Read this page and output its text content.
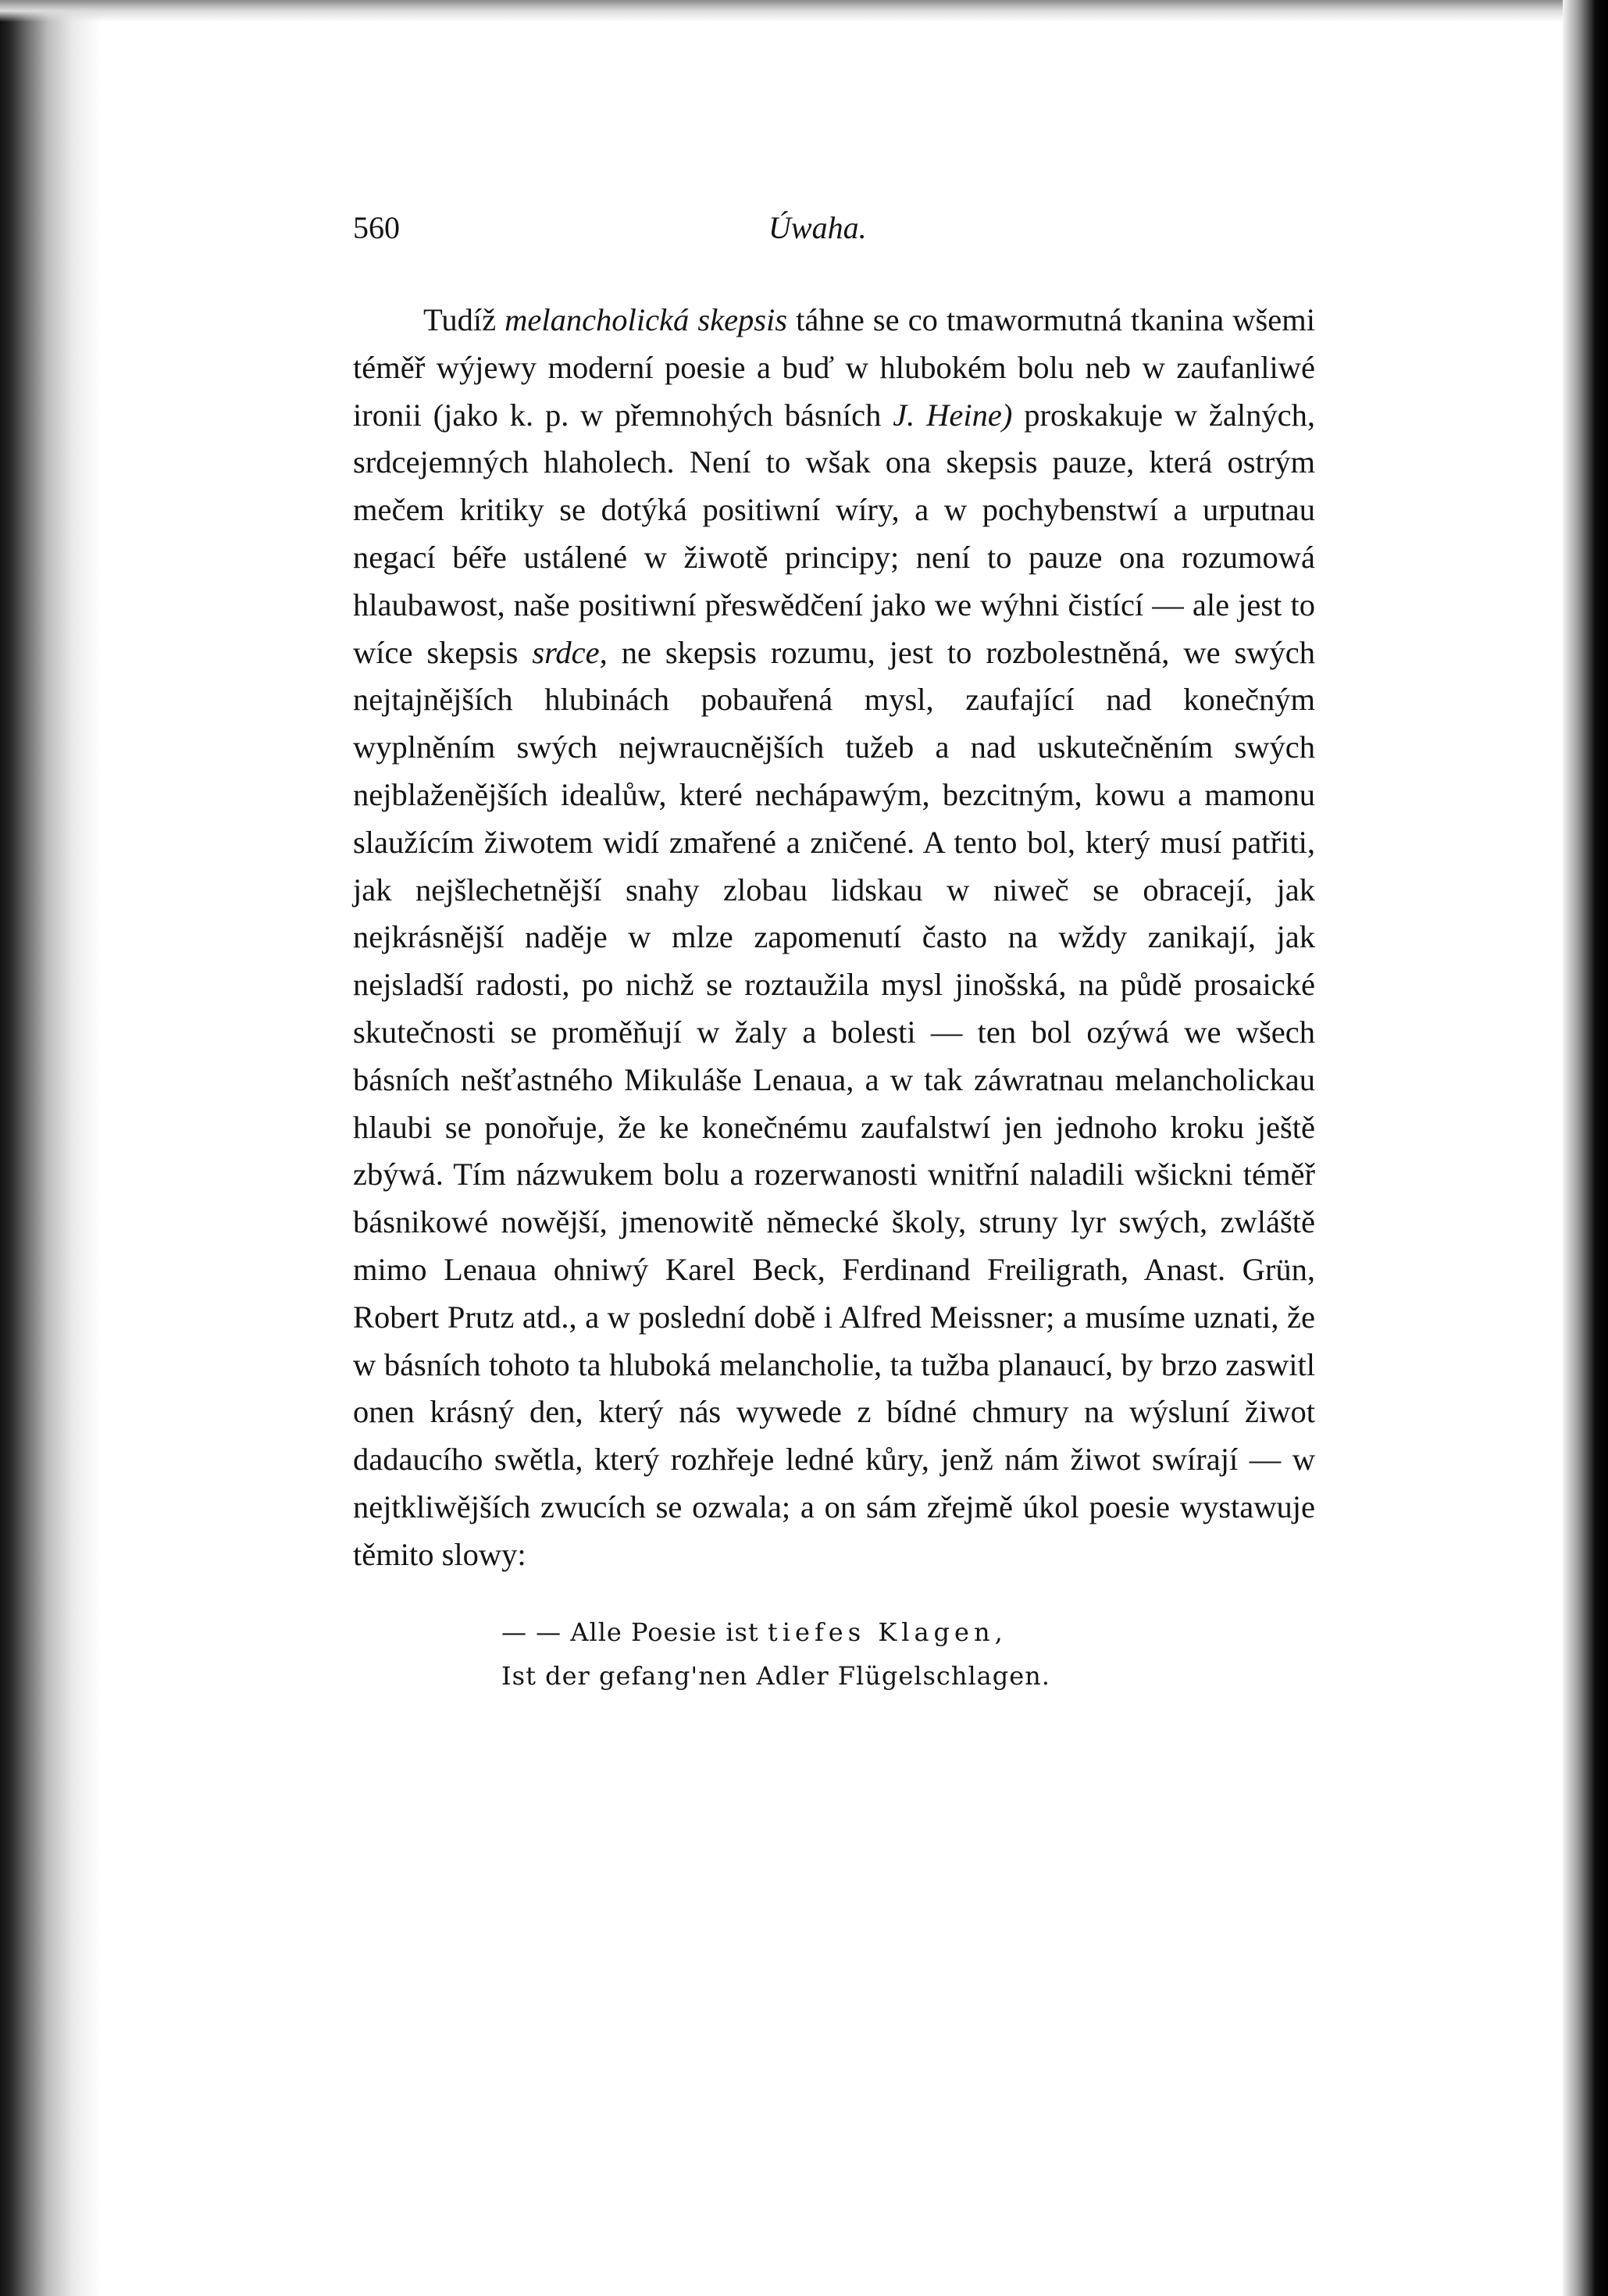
560	Úwaha.

Tudíž melancholická skepsis táhne se co tmawormutná tkanina wšemi téměř wýjewy moderní poesie a buď w hlubokém bolu neb w zaufanliwé ironii (jako k. p. w přemnohých básních J. Heine) proskakuje w žalných, srdcejemných hlaholech. Není to wšak ona skepsis pauze, která ostrým mečem kritiky se dotýká positiwní wíry, a w pochybenstwí a urputnau negací béře ustálené w žiwotě principy; není to pauze ona rozumowá hlaubawost, naše positiwní přeswědčení jako we wýhni čistící — ale jest to wíce skepsis srdce, ne skepsis rozumu, jest to rozbolestněná, we swých nejtajnějších hlubinách pobauřená mysl, zaufající nad konečným wyplněním swých nejwraucnějších tužeb a nad uskutečněním swých nejblaženějších idealůw, které nechápawým, bezcitným, kowu a mamonu slaužícím žiwotem widí zmařené a zničené. A tento bol, který musí patřiti, jak nejšlechetnější snahy zlobau lidskau w niweč se obracejí, jak nejkrásnější naděje w mlze zapomenutí často na wždy zanikají, jak nejsladší radosti, po nichž se roztaužila mysl jinošská, na půdě prosaické skutečnosti se proměňují w žaly a bolesti — ten bol ozýwá we wšech básních nešťastného Mikuláše Lenaua, a w tak záwratnau melancholickau hlaubi se ponořuje, že ke konečnému zaufalstwí jen jednoho kroku ještě zbýwá. Tím názwukem bolu a rozerwanosti wnitřní naladili wšickni téměř básnikowé nowější, jmenowitě německé školy, struny lyr swých, zwláště mimo Lenaua ohniwý Karel Beck, Ferdinand Freiligrath, Anast. Grün, Robert Prutz atd., a w poslední době i Alfred Meissner; a musíme uznati, že w básních tohoto ta hluboká melancholie, ta tužba planaucí, by brzo zaswitl onen krásný den, který nás wywede z bídné chmury na wýsluní žiwot dadaucího swětla, který rozhřeje ledné kůry, jenž nám žiwot swírají — w nejtkliwějších zwucích se ozwala; a on sám zřejmě úkol poesie wystawuje těmito slowy:

— — Alle Poesie ist tiefes Klagen,
Ist der gefang'nen Adler Flügelschlagen.
